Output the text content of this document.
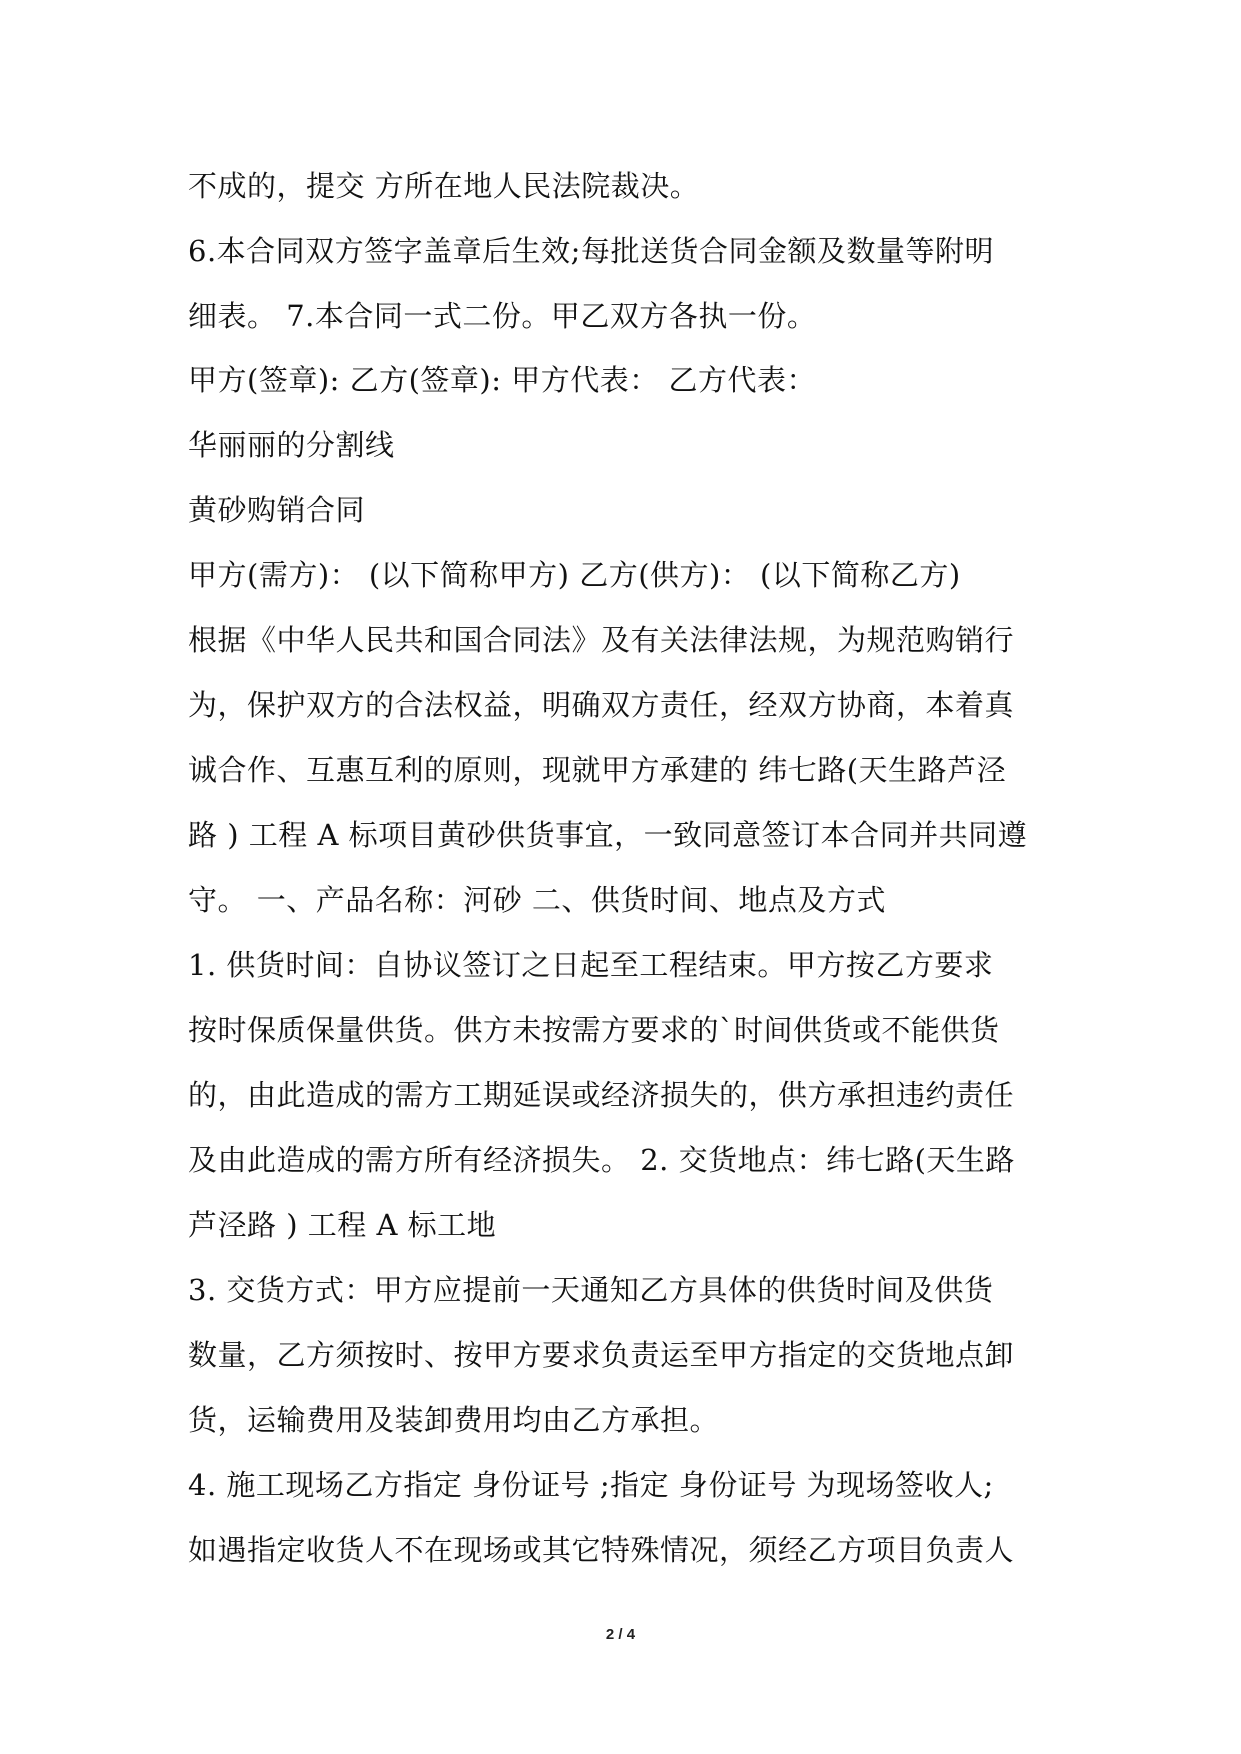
不成的，提交 方所在地人民法院裁决。
6.本合同双方签字盖章后生效;每批送货合同金额及数量等附明
细表。 7.本合同一式二份。甲乙双方各执一份。
甲方(签章): 乙方(签章): 甲方代表： 乙方代表：
华丽丽的分割线
黄砂购销合同
甲方(需方)： (以下简称甲方) 乙方(供方)： (以下简称乙方)
根据《中华人民共和国合同法》及有关法律法规，为规范购销行
为，保护双方的合法权益，明确双方责任，经双方协商，本着真
诚合作、互惠互利的原则，现就甲方承建的 纬七路(天生路芦泾
路 ) 工程 A 标项目黄砂供货事宜，一致同意签订本合同并共同遵
守。 一、产品名称：河砂 二、供货时间、地点及方式
1. 供货时间：自协议签订之日起至工程结束。甲方按乙方要求
按时保质保量供货。供方未按需方要求的`时间供货或不能供货
的，由此造成的需方工期延误或经济损失的，供方承担违约责任
及由此造成的需方所有经济损失。 2. 交货地点：纬七路(天生路
芦泾路 ) 工程 A 标工地
3. 交货方式：甲方应提前一天通知乙方具体的供货时间及供货
数量，乙方须按时、按甲方要求负责运至甲方指定的交货地点卸
货，运输费用及装卸费用均由乙方承担。
4. 施工现场乙方指定 身份证号 ;指定 身份证号 为现场签收人;
如遇指定收货人不在现场或其它特殊情况，须经乙方项目负责人
2 / 4
